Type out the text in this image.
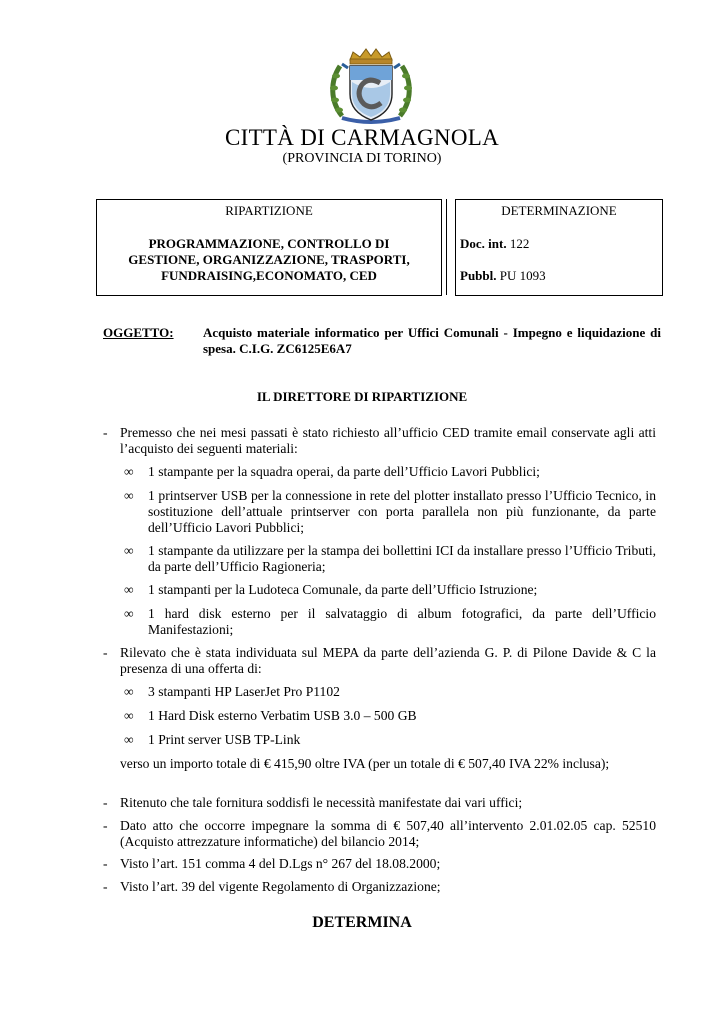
CITTÀ DI CARMAGNOLA
(PROVINCIA DI TORINO)
RIPARTIZIONE
PROGRAMMAZIONE, CONTROLLO DI
GESTIONE, ORGANIZZAZIONE, TRASPORTI,
FUNDRAISING,ECONOMATO, CED
DETERMINAZIONE
Doc. int. 122
Pubbl. PU 1093
OGGETTO: Acquisto materiale informatico per Uffici Comunali - Impegno e liquidazione di spesa. C.I.G. ZC6125E6A7
IL DIRETTORE DI RIPARTIZIONE
- Premesso che nei mesi passati è stato richiesto all’ufficio CED tramite email conservate agli atti l’acquisto dei seguenti materiali:
∞ 1 stampante per la squadra operai, da parte dell’Ufficio Lavori Pubblici;
∞ 1 printserver USB per la connessione in rete del plotter installato presso l’Ufficio Tecnico, in sostituzione dell’attuale printserver con porta parallela non più funzionante, da parte dell’Ufficio Lavori Pubblici;
∞ 1 stampante da utilizzare per la stampa dei bollettini ICI da installare presso l’Ufficio Tributi, da parte dell’Ufficio Ragioneria;
∞ 1 stampanti per la Ludoteca Comunale, da parte dell’Ufficio Istruzione;
∞ 1 hard disk esterno per il salvataggio di album fotografici, da parte dell’Ufficio Manifestazioni;
- Rilevato che è stata individuata sul MEPA da parte dell’azienda G. P. di Pilone Davide & C la presenza di una offerta di:
∞ 3 stampanti HP LaserJet Pro P1102
∞ 1 Hard Disk esterno Verbatim USB 3.0 – 500 GB
∞ 1 Print server USB TP-Link
verso un importo totale di € 415,90 oltre IVA (per un totale di € 507,40 IVA 22% inclusa);
- Ritenuto che tale fornitura soddisfi le necessità manifestate dai vari uffici;
- Dato atto che occorre impegnare la somma di € 507,40 all’intervento 2.01.02.05 cap. 52510 (Acquisto attrezzature informatiche) del bilancio 2014;
- Visto l’art. 151 comma 4 del D.Lgs n° 267 del 18.08.2000;
- Visto l’art. 39 del vigente Regolamento di Organizzazione;
DETERMINA
